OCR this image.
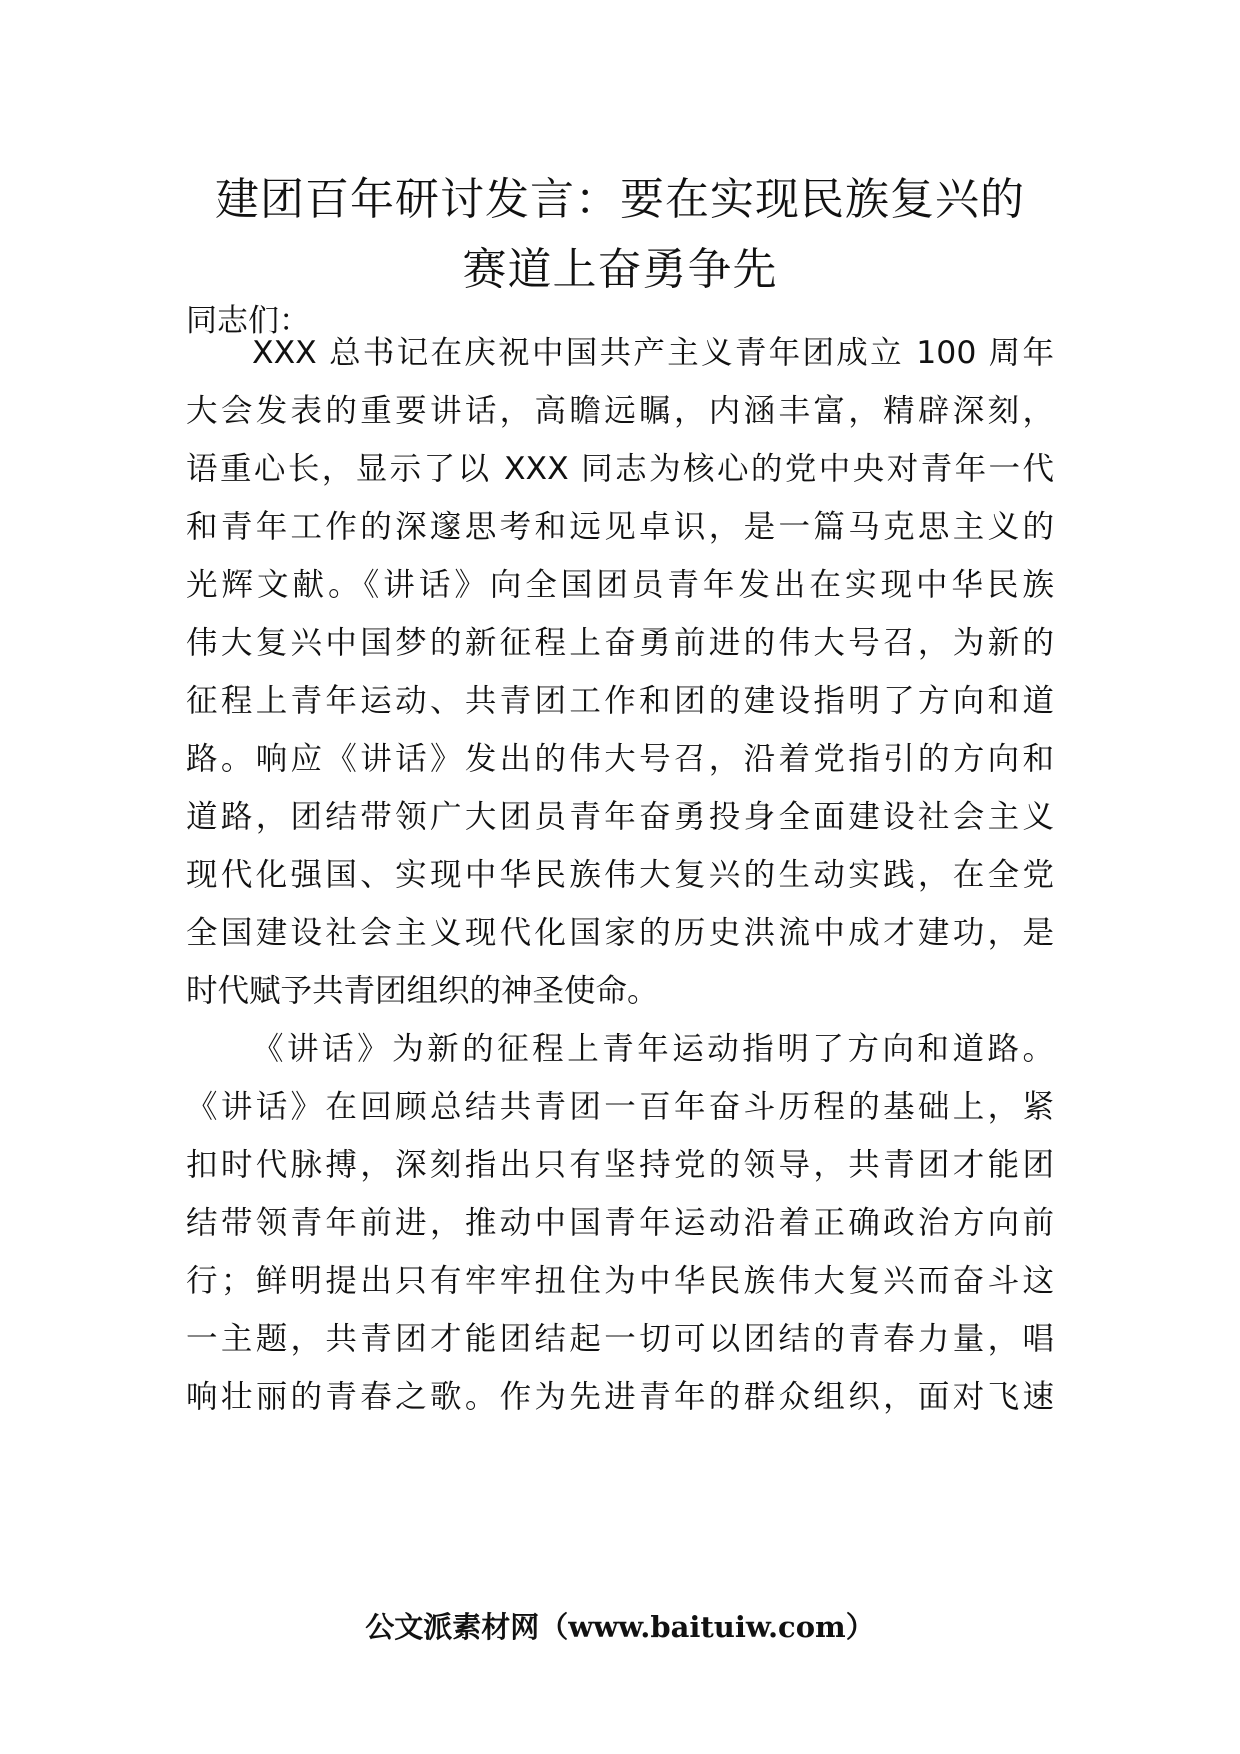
建团百年研讨发言：要在实现民族复兴的
赛道上奋勇争先

同志们：

XXX 总书记在庆祝中国共产主义青年团成立 100 周年

大会发表的重要讲话，高瞻远瞩，内涵丰富，精辟深刻，

语重心长，显示了以 XXX 同志为核心的党中央对青年一代

和青年工作的深邃思考和远见卓识，是一篇马克思主义的

光辉文献。《讲话》向全国团员青年发出在实现中华民族

伟大复兴中国梦的新征程上奋勇前进的伟大号召，为新的

征程上青年运动、共青团工作和团的建设指明了方向和道

路。响应《讲话》发出的伟大号召，沿着党指引的方向和

道路，团结带领广大团员青年奋勇投身全面建设社会主义

现代化强国、实现中华民族伟大复兴的生动实践，在全党

全国建设社会主义现代化国家的历史洪流中成才建功，是

时代赋予共青团组织的神圣使命。

《讲话》为新的征程上青年运动指明了方向和道路。

《讲话》在回顾总结共青团一百年奋斗历程的基础上，紧

扣时代脉搏，深刻指出只有坚持党的领导，共青团才能团

结带领青年前进，推动中国青年运动沿着正确政治方向前

行；鲜明提出只有牢牢扭住为中华民族伟大复兴而奋斗这

一主题，共青团才能团结起一切可以团结的青春力量，唱

响壮丽的青春之歌。作为先进青年的群众组织，面对飞速

公文派素材网（www.baituiw.com）
